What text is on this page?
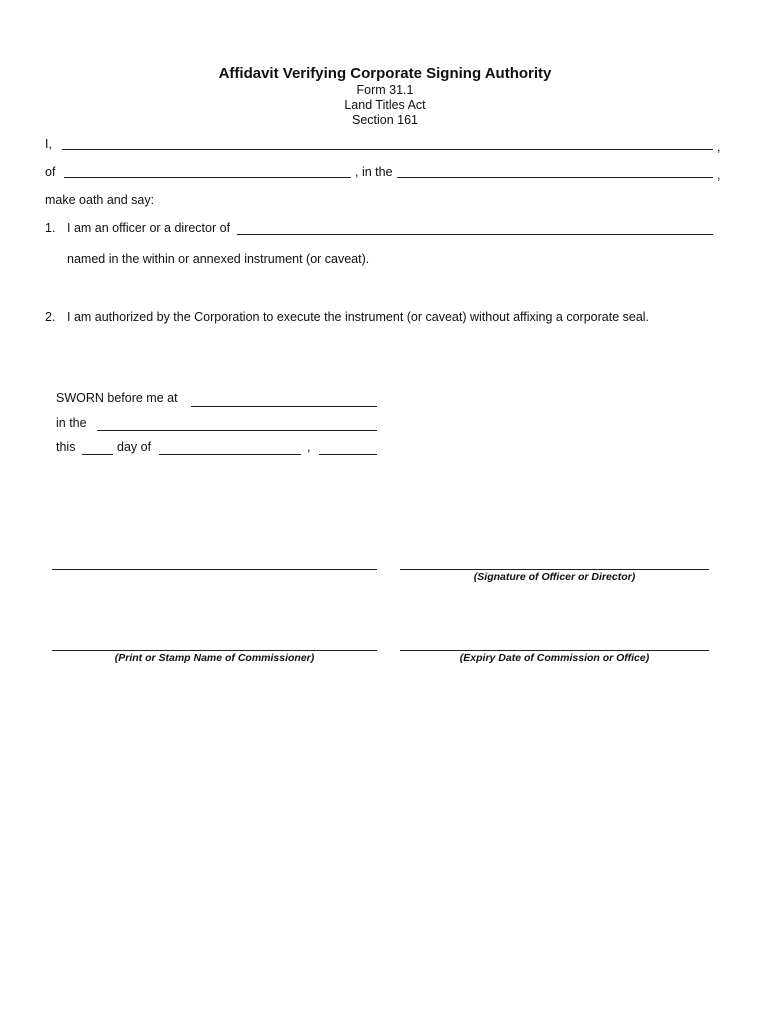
Affidavit Verifying Corporate Signing Authority
Form 31.1
Land Titles Act
Section 161
I,	,
of	, in the	,
make oath and say:
1. I am an officer or a director of
named in the within or annexed instrument (or caveat).
2. I am authorized by the Corporation to execute the instrument (or caveat) without affixing a corporate seal.
SWORN before me at
in the
this	day of	,
(Signature of Officer or Director)
(Print or Stamp Name of Commissioner)	(Expiry Date of Commission or Office)
